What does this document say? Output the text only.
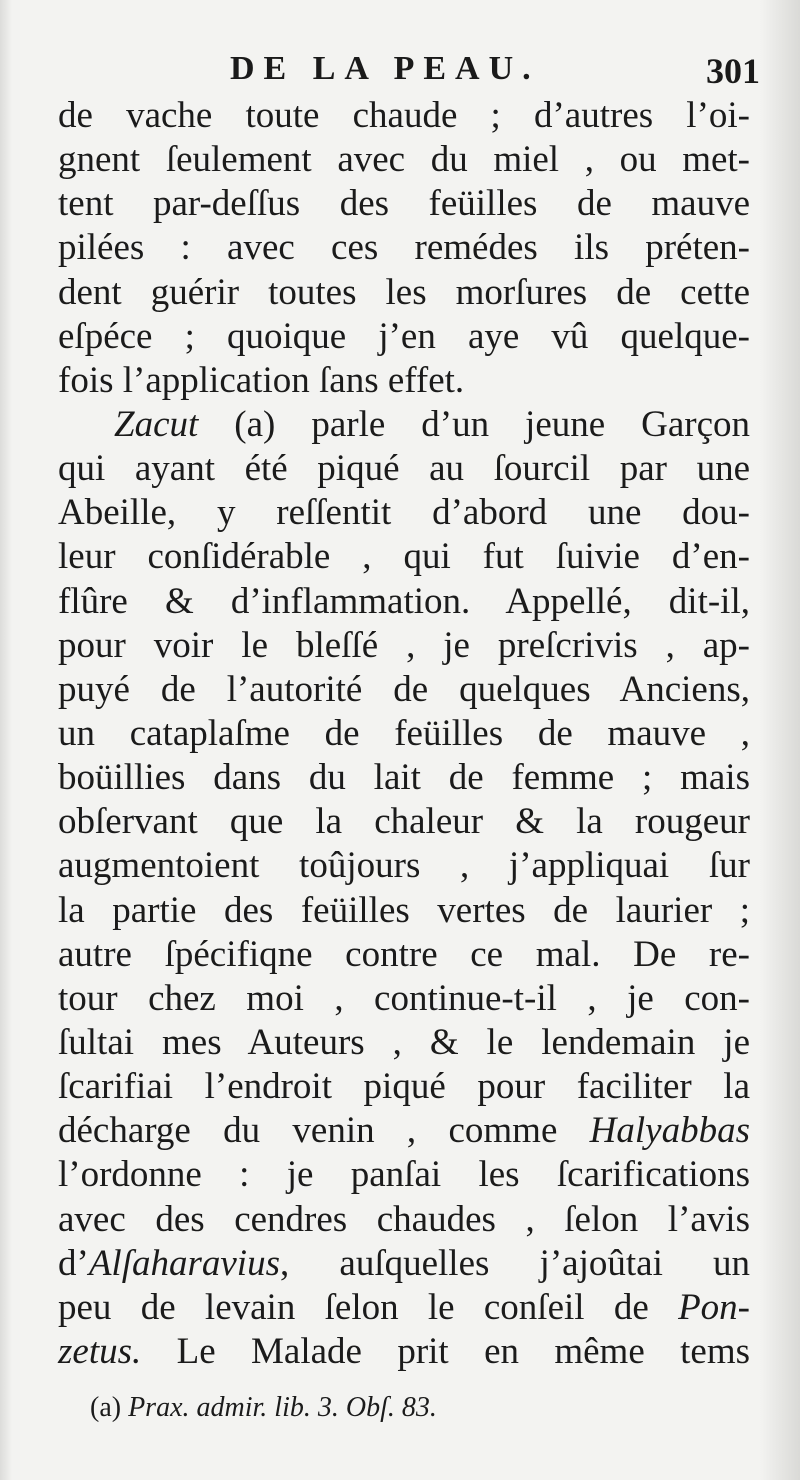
DE LA PEAU.	301
de vache toute chaude ; d’autres l’oi-
gnent ſeulement avec du miel , ou met-
tent par-deſſus des feüilles de mauve
pilées : avec ces remédes ils préten-
dent guérir toutes les morſures de cette
eſpéce ; quoique j’en aye vû quelque-
fois l’application ſans effet.
Zacut (a) parle d’un jeune Garçon
qui ayant été piqué au ſourcil par une
Abeille, y reſſentit d’abord une dou-
leur conſidérable , qui fut ſuivie d’en-
flûre & d’inflammation. Appellé, dit-il,
pour voir le bleſſé , je preſcrivis , ap-
puyé de l’autorité de quelques Anciens,
un cataplaſme de feüilles de mauve ,
boüillies dans du lait de femme ; mais
obſervant que la chaleur & la rougeur
augmentoient toûjours , j’appliquai ſur
la partie des feüilles vertes de laurier ;
autre ſpécifiqne contre ce mal. De re-
tour chez moi , continue-t-il , je con-
ſultai mes Auteurs , & le lendemain je
ſcarifiai l’endroit piqué pour faciliter la
décharge du venin , comme Halyabbas
l’ordonne : je panſai les ſcarifications
avec des cendres chaudes , ſelon l’avis
d’Alſaharavius, auſquelles j’ajoûtai un
peu de levain ſelon le conſeil de Pon-
zetus. Le Malade prit en même tems
(a) Prax. admir. lib. 3. Obſ. 83.
